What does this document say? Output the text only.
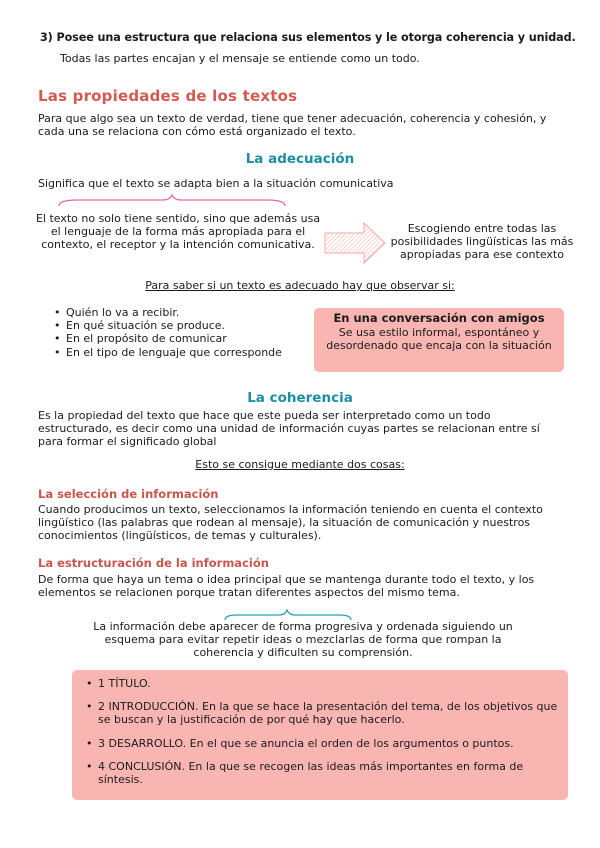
3) Posee una estructura que relaciona sus elementos y le otorga coherencia y unidad.
Todas las partes encajan y el mensaje se entiende como un todo.
Las propiedades de los textos
Para que algo sea un texto de verdad, tiene que tener adecuación, coherencia y cohesión, y cada una se relaciona con cómo está organizado el texto.
La adecuación
Significa que el texto se adapta bien a la situación comunicativa
El texto no solo tiene sentido, sino que además usa el lenguaje de la forma más apropiada para el contexto, el receptor y la intención comunicativa.
Escogiendo entre todas las posibilidades lingüísticas las más apropiadas para ese contexto
Para saber si un texto es adecuado hay que observar si:
• Quién lo va a recibir.
• En qué situación se produce.
• En el propósito de comunicar
• En el tipo de lenguaje que corresponde
En una conversación con amigos
Se usa estilo informal, espontáneo y desordenado que encaja con la situación
La coherencia
Es la propiedad del texto que hace que este pueda ser interpretado como un todo estructurado, es decir como una unidad de información cuyas partes se relacionan entre sí para formar el significado global
Esto se consigue mediante dos cosas:
La selección de información
Cuando producimos un texto, seleccionamos la información teniendo en cuenta el contexto lingüístico (las palabras que rodean al mensaje), la situación de comunicación y nuestros conocimientos (lingüísticos, de temas y culturales).
La estructuración de la información
De forma que haya un tema o idea principal que se mantenga durante todo el texto, y los elementos se relacionen porque tratan diferentes aspectos del mismo tema.
La información debe aparecer de forma progresiva y ordenada siguiendo un esquema para evitar repetir ideas o mezclarlas de forma que rompan la coherencia y dificulten su comprensión.
• 1 TÍTULO.
• 2 INTRODUCCIÓN. En la que se hace la presentación del tema, de los objetivos que se buscan y la justificación de por qué hay que hacerlo.
• 3 DESARROLLO. En el que se anuncia el orden de los argumentos o puntos.
• 4 CONCLUSIÓN. En la que se recogen las ideas más importantes en forma de síntesis.
